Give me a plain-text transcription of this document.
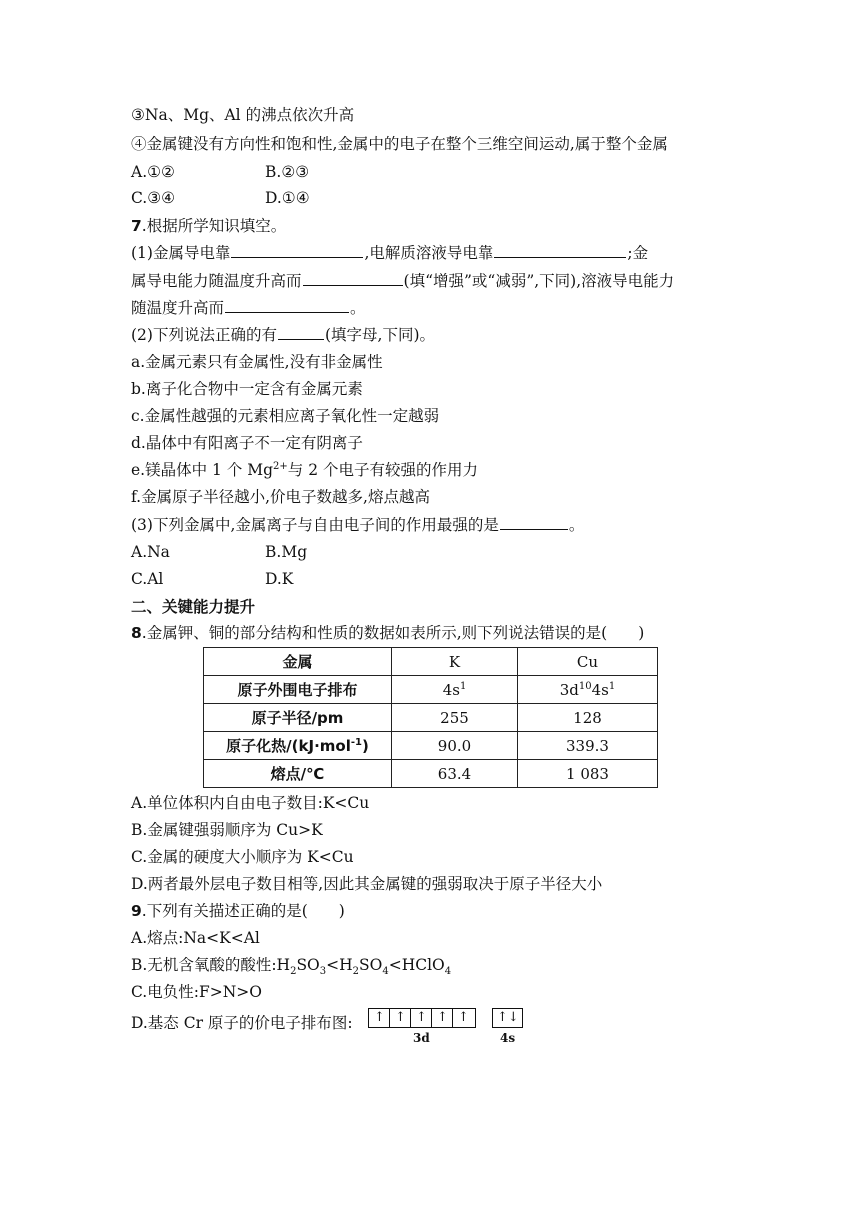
③Na、Mg、Al 的沸点依次升高
④金属键没有方向性和饱和性,金属中的电子在整个三维空间运动,属于整个金属
A.①②	B.②③
C.③④	D.①④
7.根据所学知识填空。
(1)金属导电靠	,电解质溶液导电靠	;金
属导电能力随温度升高而	(填“增强”或“减弱”,下同),溶液导电能力
随温度升高而	。
(2)下列说法正确的有	(填字母,下同)。
a.金属元素只有金属性,没有非金属性
b.离子化合物中一定含有金属元素
c.金属性越强的元素相应离子氧化性一定越弱
d.晶体中有阳离子不一定有阴离子
e.镁晶体中 1 个 $Mg^{2+}$与 2 个电子有较强的作用力
f.金属原子半径越小,价电子数越多,熔点越高
(3)下列金属中,金属离子与自由电子间的作用最强的是	。
A.Na	B.Mg
C.Al	D.K
二、关键能力提升
8.金属钾、铜的部分结构和性质的数据如表所示,则下列说法错误的是(　　)
金属	K	Cu
原子外围电子排布	$4s^1$	$3d^{10}4s^1$
原子半径/pm	255	128
原子化热/(kJ·mol$^{-1}$)	90.0	339.3
熔点/℃	63.4	1 083
A.单位体积内自由电子数目:K<Cu
B.金属键强弱顺序为 Cu>K
C.金属的硬度大小顺序为 K<Cu
D.两者最外层电子数目相等,因此其金属键的强弱取决于原子半径大小
9.下列有关描述正确的是(　　)
A.熔点:Na<K<Al
B.无机含氧酸的酸性$:H_2SO_3<H_2SO_4<HClO_4$
C.电负性:F>N>O
D.基态 Cr 原子的价电子排布图: ↑ ↑ ↑ ↑ ↑
3d
↑↓
4s
